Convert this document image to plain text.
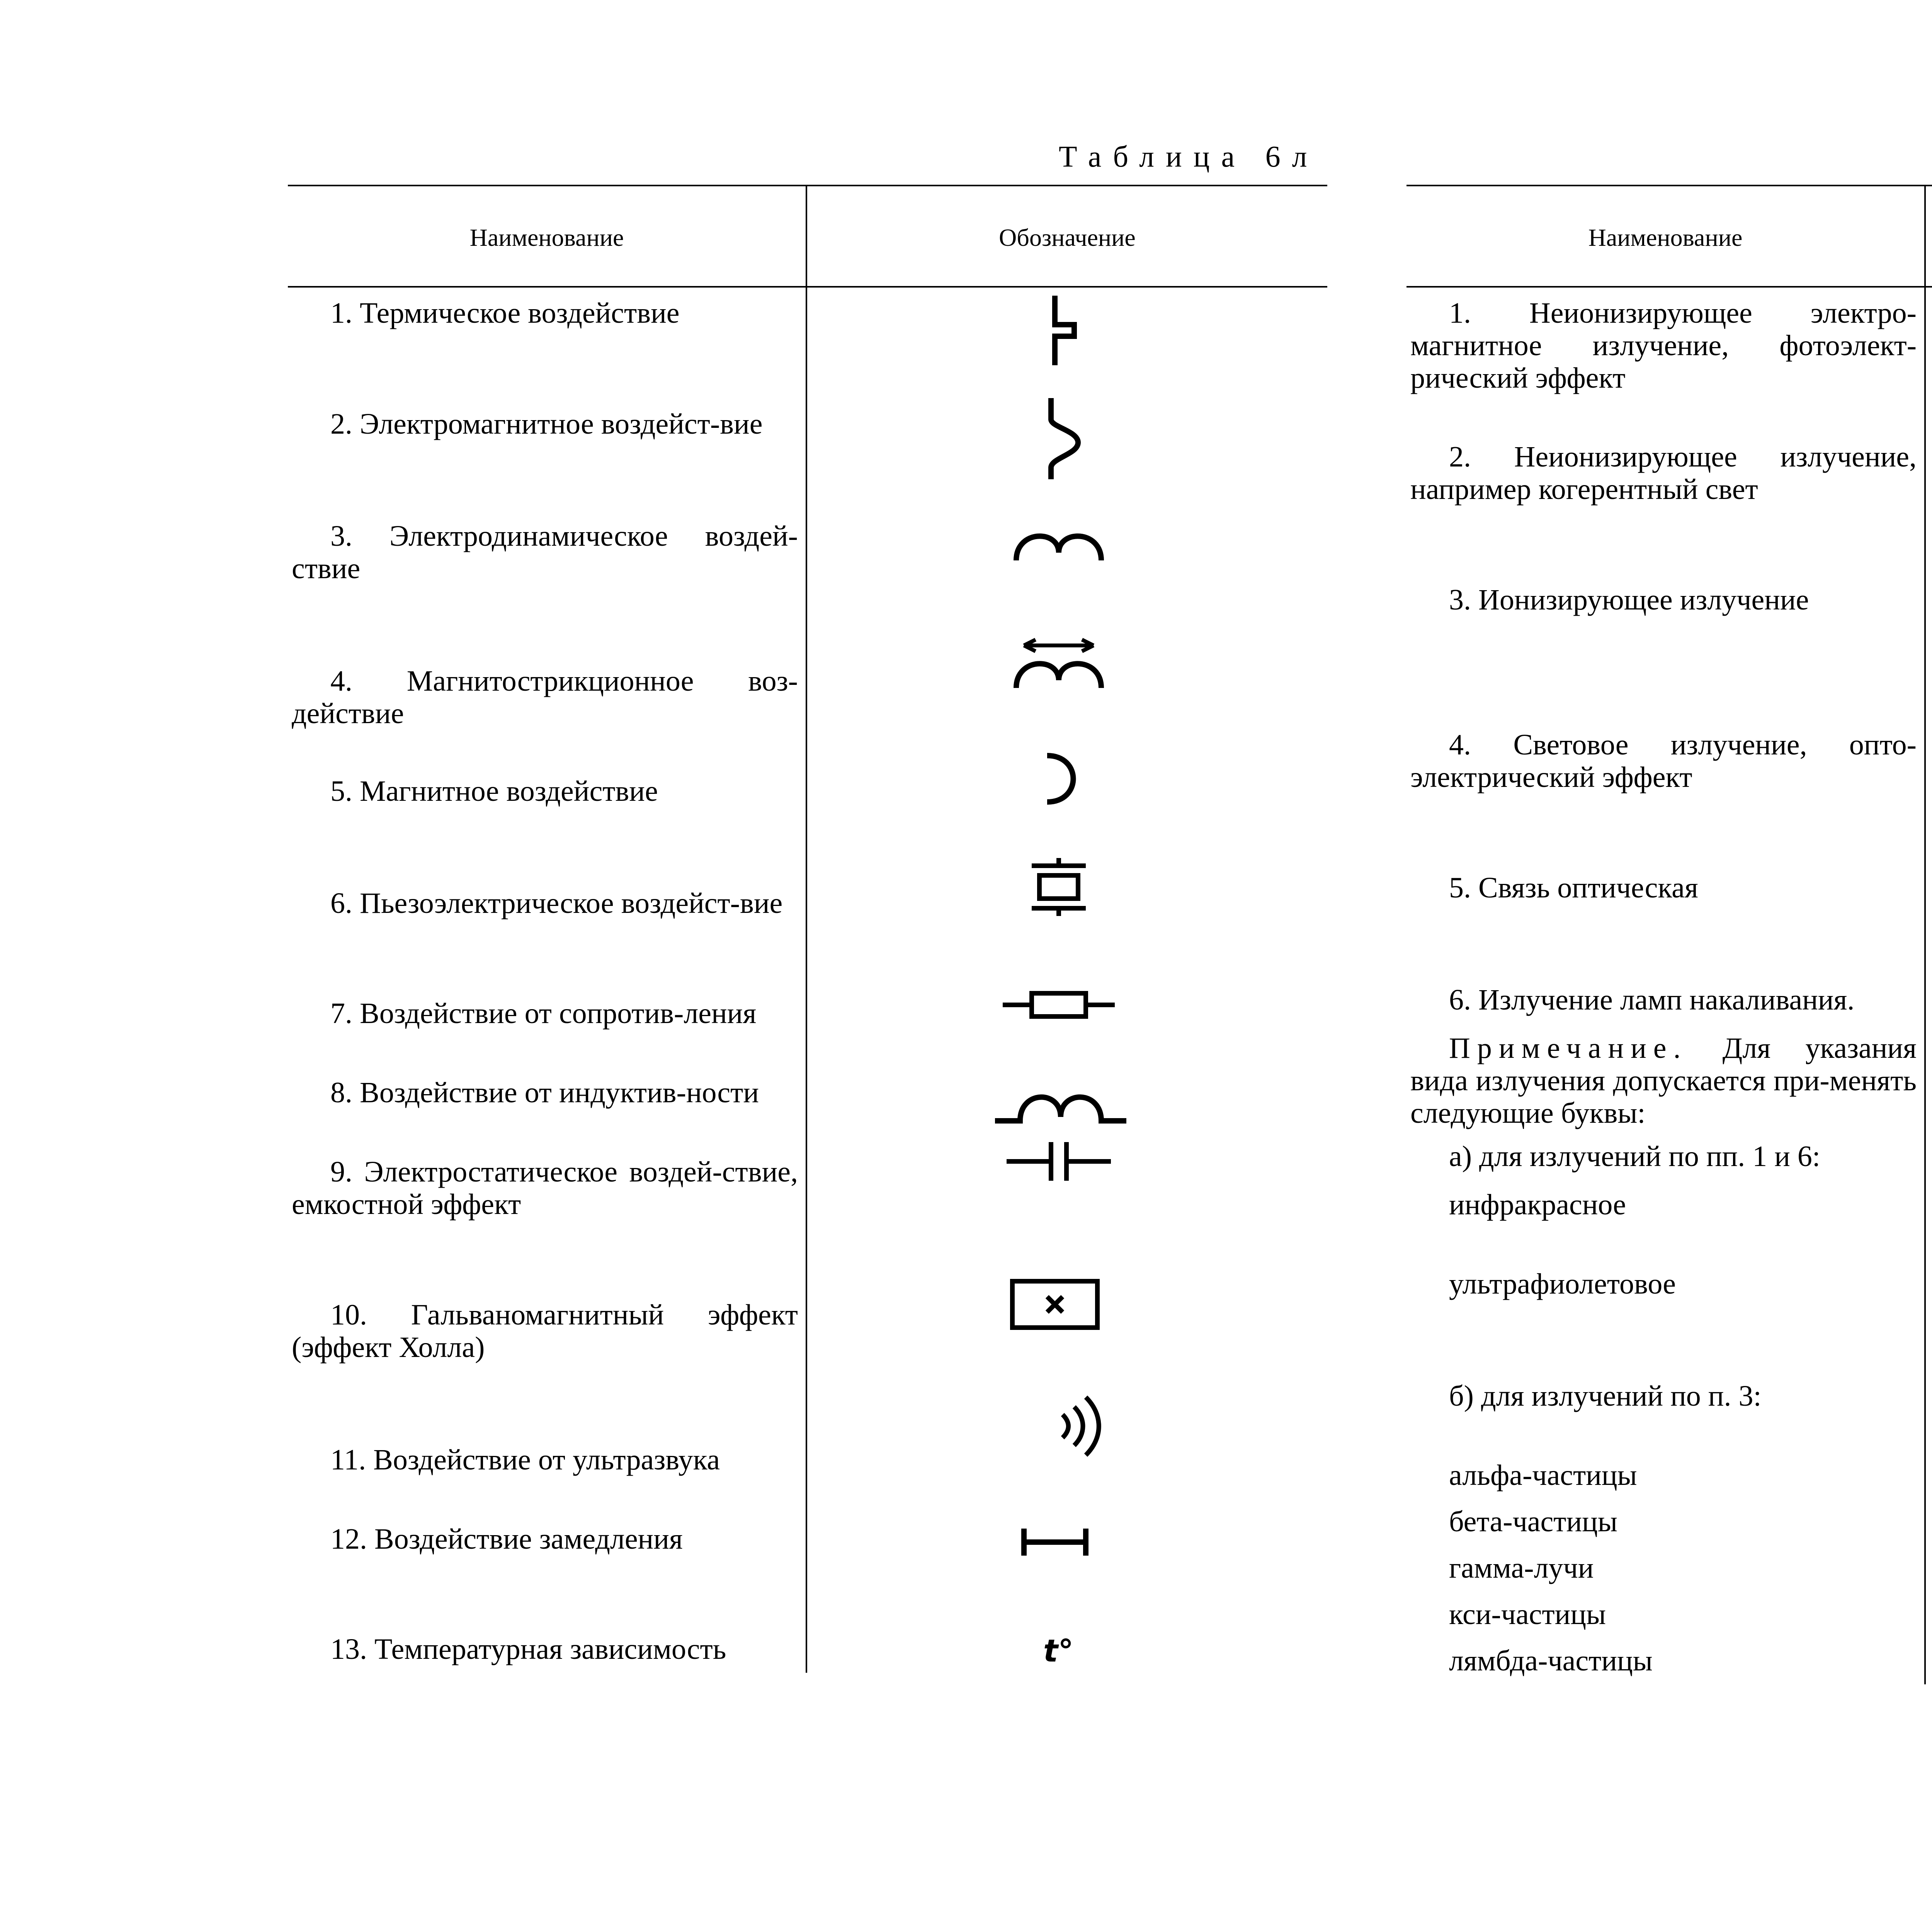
Таблица 6л
Наименование	Обозначение
1. Термическое воздействие
2. Электромагнитное воздейст-вие
3. Электродинамическое воздей-ствие
4. Магнитострикционное воз-действие
5. Магнитное воздействие
6. Пьезоэлектрическое воздейст-вие
7. Воздействие от сопротив-ления
8. Воздействие от индуктив-ности
9. Электростатическое воздей-ствие, емкостной эффект
10. Гальваномагнитный эффект (эффект Холла)
11. Воздействие от ультразвука
12. Воздействие замедления
13. Температурная зависимость	t°
Наименование
1. Неионизирующее электро-магнитное излучение, фотоэлект-рический эффект
2. Неионизирующее излучение, например когерентный свет
3. Ионизирующее излучение
4. Световое излучение, опто-электрический эффект
5. Связь оптическая
6. Излучение ламп накаливания.
Примечание. Для указания вида излучения допускается при-менять следующие буквы:
а) для излучений по пп. 1 и 6:
инфракрасное
ультрафиолетовое
б) для излучений по п. 3:
альфа-частицы
бета-частицы
гамма-лучи
кси-частицы
лямбда-частицы
